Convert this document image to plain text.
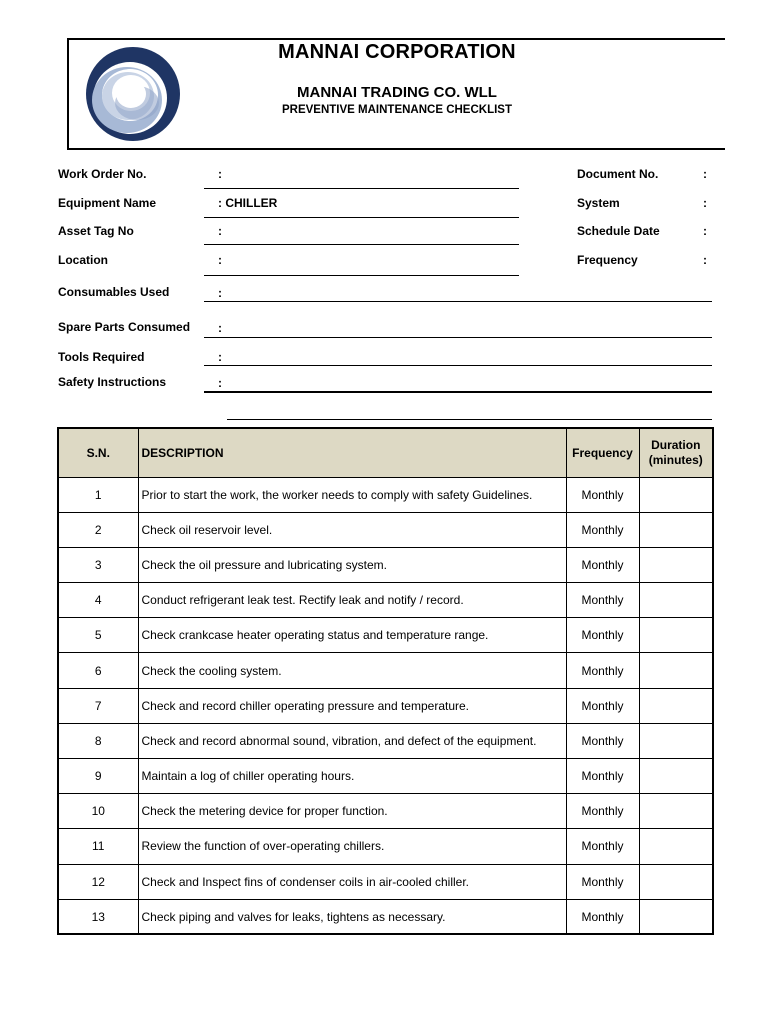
MANNAI CORPORATION
MANNAI TRADING CO. WLL
PREVENTIVE MAINTENANCE CHECKLIST
Work Order No.	:
Equipment Name	: CHILLER
Asset Tag No	:
Location	:
Document No.	:
System	:
Schedule Date	:
Frequency	:
Consumables Used	:
Spare Parts Consumed :
Tools Required	:
Safety Instructions	:
S.N.	DESCRIPTION	Frequency	Duration
(minutes)

1	Prior to start the work, the worker needs to comply with safety Guidelines.	Monthly	
2	Check oil reservoir level.	Monthly	
3	Check the oil pressure and lubricating system.	Monthly	
4	Conduct refrigerant leak test. Rectify leak and notify / record.	Monthly	
5	Check crankcase heater operating status and temperature range.	Monthly	
6	Check the cooling system.	Monthly	
7	Check and record chiller operating pressure and temperature.	Monthly	
8	Check and record abnormal sound, vibration, and defect of the equipment.	Monthly	
9	Maintain a log of chiller operating hours.	Monthly	
10	Check the metering device for proper function.	Monthly	
11	Review the function of over-operating chillers.	Monthly	
12	Check and Inspect fins of condenser coils in air-cooled chiller.	Monthly	
13	Check piping and valves for leaks, tightens as necessary.	Monthly	
